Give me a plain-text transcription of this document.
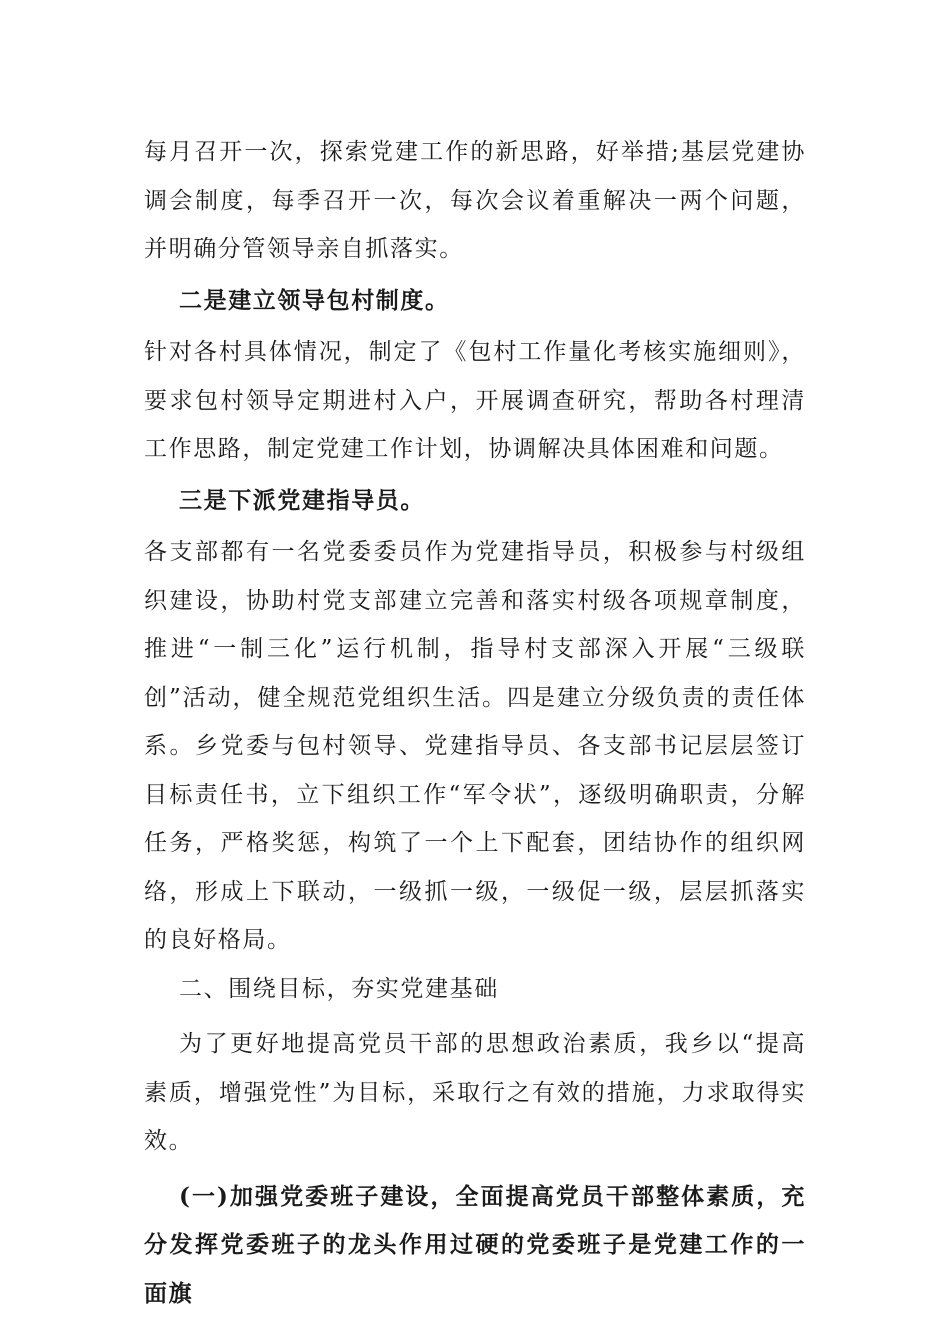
每月召开一次，探索党建工作的新思路，好举措;基层党建协调会制度，每季召开一次，每次会议着重解决一两个问题，并明确分管领导亲自抓落实。

二是建立领导包村制度。

针对各村具体情况，制定了《包村工作量化考核实施细则》，要求包村领导定期进村入户，开展调查研究，帮助各村理清工作思路，制定党建工作计划，协调解决具体困难和问题。

三是下派党建指导员。

各支部都有一名党委委员作为党建指导员，积极参与村级组织建设，协助村党支部建立完善和落实村级各项规章制度，推进“一制三化”运行机制，指导村支部深入开展“三级联创”活动，健全规范党组织生活。四是建立分级负责的责任体系。乡党委与包村领导、党建指导员、各支部书记层层签订目标责任书，立下组织工作“军令状”，逐级明确职责，分解任务，严格奖惩，构筑了一个上下配套，团结协作的组织网络，形成上下联动，一级抓一级，一级促一级，层层抓落实的良好格局。

二、围绕目标，夯实党建基础

为了更好地提高党员干部的思想政治素质，我乡以“提高素质，增强党性”为目标，采取行之有效的措施，力求取得实效。

(一)加强党委班子建设，全面提高党员干部整体素质，充分发挥党委班子的龙头作用过硬的党委班子是党建工作的一面旗
